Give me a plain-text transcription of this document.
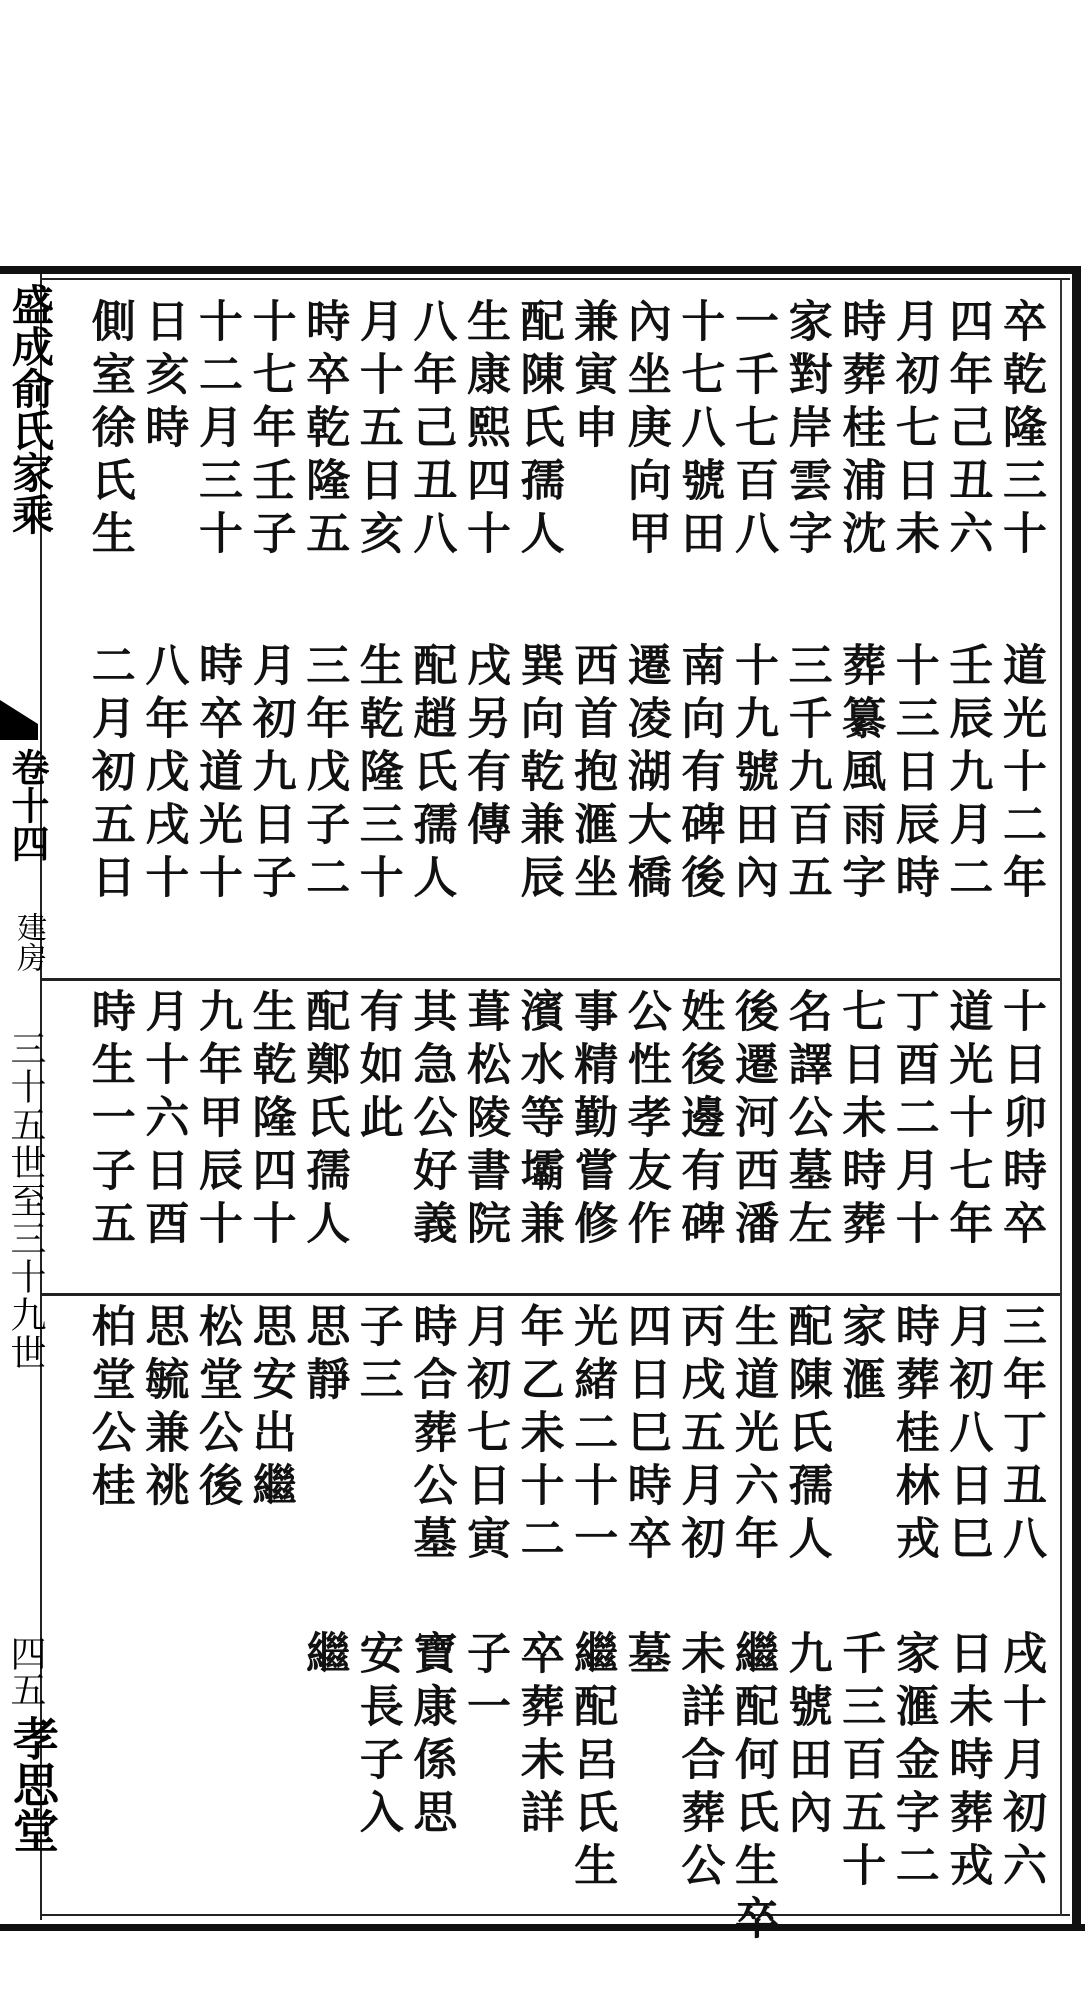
盛成俞氏家乘
卷十四
建房
三十五世至三十九世
四五
孝思堂
卒乾隆三十
道光十二年
四年己丑六
壬辰九月二
月初七日未
十三日辰時
時葬桂浦沈
葬纂風雨字
家對岸雲字
三千九百五
一千七百八
十九號田內
十七八號田
南向有碑後
內坐庚向甲
遷凌湖大橋
兼寅申
西首抱滙坐
配陳氏孺人
巽向乾兼辰
生康熙四十
戌另有傳
八年己丑八
配趙氏孺人
月十五日亥
生乾隆三十
時卒乾隆五
三年戊子二
十七年壬子
月初九日子
十二月三十
時卒道光十
日亥時
八年戊戌十
側室徐氏生
二月初五日
十日卯時卒
道光十七年
丁酉二月十
七日未時葬
名譯公墓左
後遷河西潘
姓後邊有碑
公性孝友作
事精勤嘗修
濱水等壩兼
葺松陵書院
其急公好義
有如此
配鄭氏孺人
生乾隆四十
九年甲辰十
月十六日酉
時生一子五
三年丁丑八
戌十月初六
月初八日巳
日未時葬戎
時葬桂林戎
家滙金字二
家滙
千三百五十
配陳氏孺人
九號田內
生道光六年
繼配何氏生卒
丙戌五月初
未詳合葬公
四日巳時卒
墓
光緒二十一
繼配呂氏生
年乙未十二
卒葬未詳
月初七日寅
子一
時合葬公墓
寶康係思
子三
安長子入
思靜
繼
思安出繼
松堂公後
思毓兼祧
柏堂公桂
